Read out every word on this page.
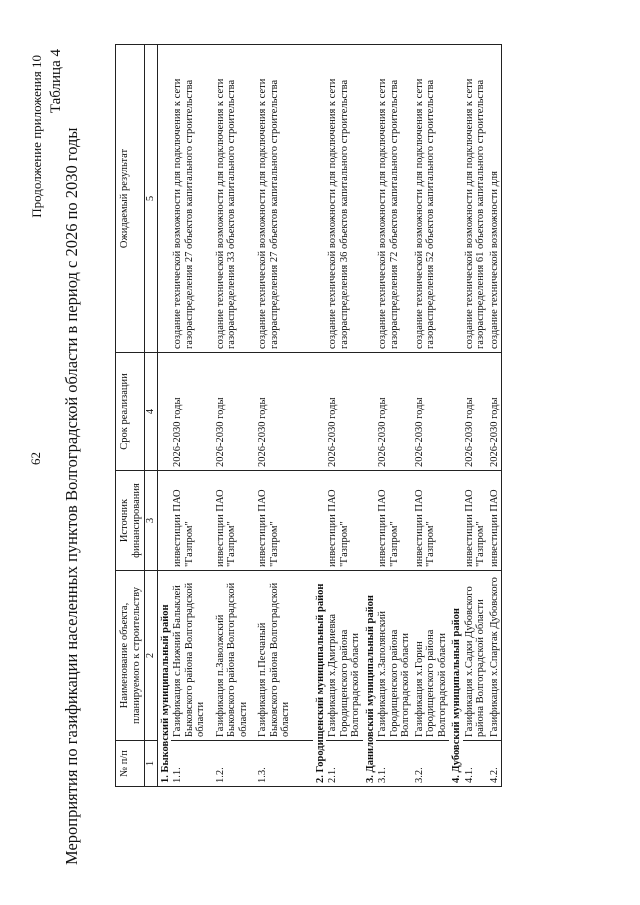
62
Продолжение приложения 10 Таблица 4
Мероприятия по газификации населенных пунктов Волгоградской области в период с 2026 по 2030 годы	№ п/п	Наименование объекта, планируемого к строительству	Источник финансирования	Срок реализации	Ожидаемый результат
1	2	3	4	5
1. Быковский муниципальный район				
1.1.	Газификация с.Нижний Балыклей Быковского района Волгоградской области	инвестиции ПАО "Газпром"	2026-2030 годы	создание технической возможности для подключения к сети газораспределения 27 объектов капитального строительства

1.2.	Газификация п.Заволжский Быковского района Волгоградской области	инвестиции ПАО "Газпром"	2026-2030 годы	создание технической возможности для подключения к сети газораспределения 33 объектов капитального строительства

1.3.	Газификация п.Песчаный Быковского района Волгоградской области	инвестиции ПАО "Газпром"	2026-2030 годы	создание технической возможности для подключения к сети газораспределения 27 объектов капитального строительства

2. Городищенский муниципальный район				
2.1.	Газификация х.Дмитриевка Городищенского района Волгоградской области	инвестиции ПАО "Газпром"	2026-2030 годы	создание технической возможности для подключения к сети газораспределения 36 объектов капитального строительства
3. Дaниловский муниципальный район				
3.1.	Газификация х.Заполянский Городищенского района Волгоградской области	инвестиции ПАО "Газпром"	2026-2030 годы	создание технической возможности для подключения к сети газораспределения 72 объектов капитального строительства
3.2.	Газификация х.Горин Городищенского района Волгоградской области	инвестиции ПАО "Газпром"	2026-2030 годы	создание технической возможности для подключения к сети газораспределения 52 объектов капитального строительства
4. Дубовский муниципальный район				
4.1.	Газификация х.Садки Дубовского района Волгоградской области	инвестиции ПАО "Газпром"	2026-2030 годы	создание технической возможности для подключения к сети газораспределения 61 объектов капитального строительства
4.2.	Газификация х.Спартак Дубовского	инвестиции ПАО	2026-2030 годы	создание технической возможности для
